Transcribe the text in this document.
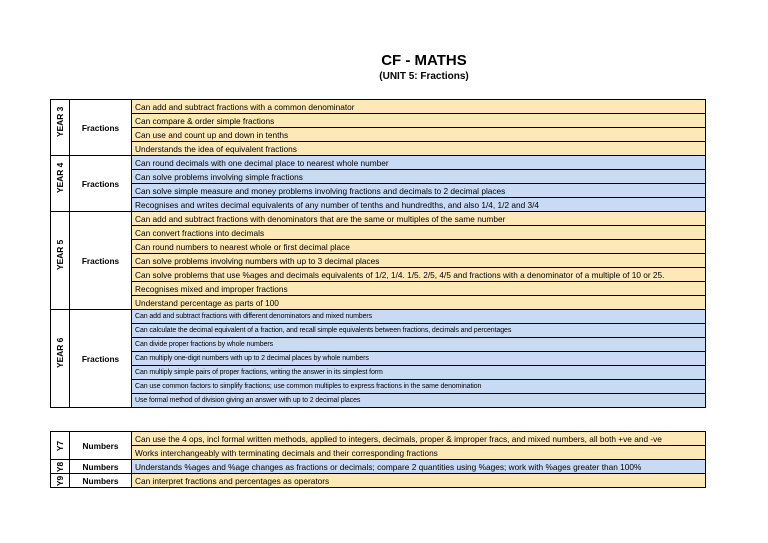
CF - MATHS
(UNIT 5: Fractions)
YEAR 3	Fractions	Can add and subtract fractions with a common denominator
		Can compare & order simple fractions
		Can use and count up and down in tenths
		Understands the idea of equivalent fractions

YEAR 4	Fractions	Can round decimals with one decimal place to nearest whole number
		Can solve problems involving simple fractions
		Can solve simple measure and money problems involving fractions and decimals to 2 decimal places
		Recognises and writes decimal equivalents of any number of tenths and hundredths, and also 1/4, 1/2 and 3/4

YEAR 5	Fractions	Can add and subtract fractions with denominators that are the same or multiples of the same number
		Can convert fractions into decimals
		Can round numbers to nearest whole or first decimal place
		Can solve problems involving numbers with up to 3 decimal places
		Can solve problems that use %ages and decimals equivalents of 1/2, 1/4. 1/5. 2/5, 4/5 and fractions with a denominator of a multiple of 10 or 25.
		Recognises mixed and improper fractions
		Understand percentage as parts of 100

YEAR 6	Fractions	Can add and subtract fractions with different denominators and mixed numbers
		Can calculate the decimal equivalent of a fraction, and recall simple equivalents between fractions, decimals and percentages
		Can divide proper fractions by whole numbers
		Can multiply one-digit numbers with up to 2 decimal places by whole numbers
		Can multiply simple pairs of proper fractions, writing the answer in its simplest form
		Can use common factors to simplify fractions; use common multiples to express fractions in the same denomination
		Use formal method of division giving an answer with up to 2 decimal places
Y7	Numbers	Can use the 4 ops, incl formal written methods, applied to integers, decimals, proper & improper fracs, and mixed numbers, all both +ve and -ve
		Works interchangeably with terminating decimals and their corresponding fractions

Y8	Numbers	Understands %ages and %age changes as fractions or decimals; compare 2 quantities using %ages; work with %ages greater than 100%

Y9	Numbers	Can interpret fractions and percentages as operators
